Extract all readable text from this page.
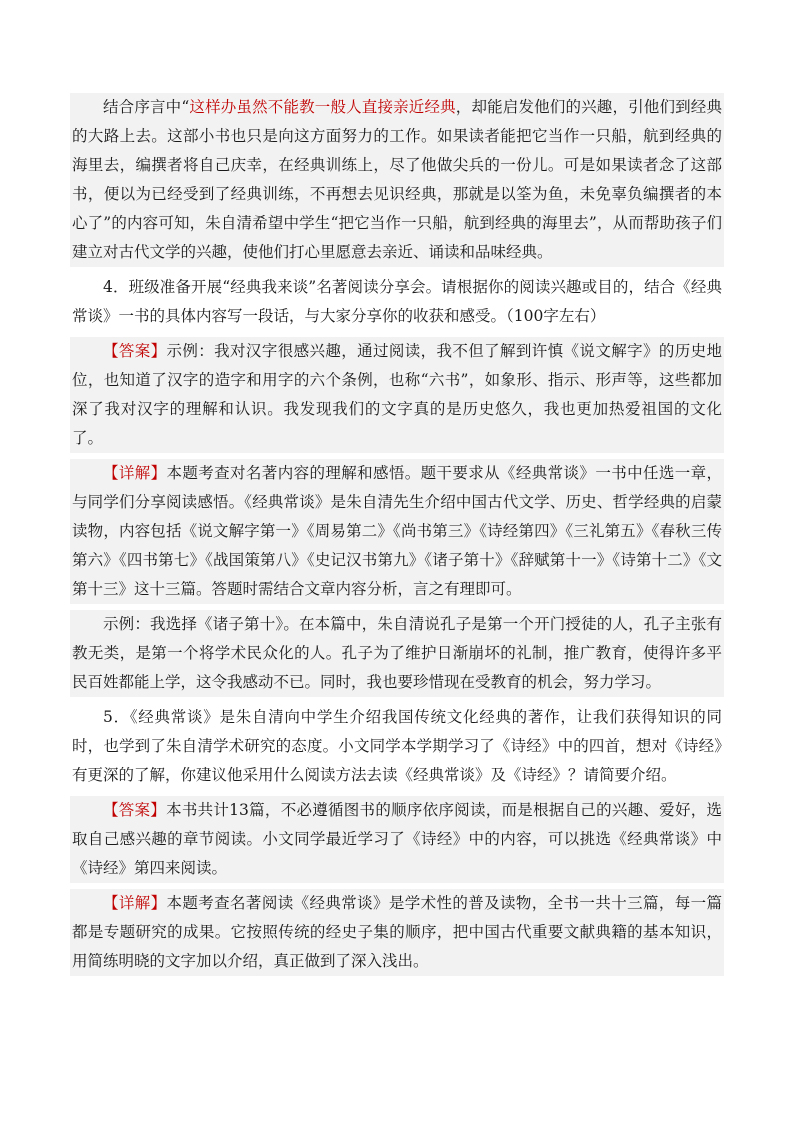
结合序言中“这样办虽然不能教一般人直接亲近经典，却能启发他们的兴趣，引他们到经典的大路上去。这部小书也只是向这方面努力的工作。如果读者能把它当作一只船，航到经典的海里去，编撰者将自己庆幸，在经典训练上，尽了他做尖兵的一份儿。可是如果读者念了这部书，便以为已经受到了经典训练，不再想去见识经典，那就是以筌为鱼，未免辜负编撰者的本心了”的内容可知，朱自清希望中学生“把它当作一只船，航到经典的海里去”，从而帮助孩子们建立对古代文学的兴趣，使他们打心里愿意去亲近、诵读和品味经典。

4．班级准备开展“经典我来谈”名著阅读分享会。请根据你的阅读兴趣或目的，结合《经典常谈》一书的具体内容写一段话，与大家分享你的收获和感受。（100字左右）

【答案】示例：我对汉字很感兴趣，通过阅读，我不但了解到许慎《说文解字》的历史地位，也知道了汉字的造字和用字的六个条例，也称“六书”，如象形、指示、形声等，这些都加深了我对汉字的理解和认识。我发现我们的文字真的是历史悠久，我也更加热爱祖国的文化了。

【详解】本题考查对名著内容的理解和感悟。题干要求从《经典常谈》一书中任选一章，与同学们分享阅读感悟。《经典常谈》是朱自清先生介绍中国古代文学、历史、哲学经典的启蒙读物，内容包括《说文解字第一》《周易第二》《尚书第三》《诗经第四》《三礼第五》《春秋三传第六》《四书第七》《战国策第八》《史记汉书第九》《诸子第十》《辞赋第十一》《诗第十二》《文第十三》这十三篇。答题时需结合文章内容分析，言之有理即可。

示例：我选择《诸子第十》。在本篇中，朱自清说孔子是第一个开门授徒的人，孔子主张有教无类，是第一个将学术民众化的人。孔子为了维护日渐崩坏的礼制，推广教育，使得许多平民百姓都能上学，这令我感动不已。同时，我也要珍惜现在受教育的机会，努力学习。

5．《经典常谈》是朱自清向中学生介绍我国传统文化经典的著作，让我们获得知识的同时，也学到了朱自清学术研究的态度。小文同学本学期学习了《诗经》中的四首，想对《诗经》有更深的了解，你建议他采用什么阅读方法去读《经典常谈》及《诗经》？请简要介绍。

【答案】本书共计13篇，不必遵循图书的顺序依序阅读，而是根据自己的兴趣、爱好，选取自己感兴趣的章节阅读。小文同学最近学习了《诗经》中的内容，可以挑选《经典常谈》中《诗经》第四来阅读。

【详解】本题考查名著阅读《经典常谈》是学术性的普及读物，全书一共十三篇，每一篇都是专题研究的成果。它按照传统的经史子集的顺序，把中国古代重要文献典籍的基本知识，用简练明晓的文字加以介绍，真正做到了深入浅出。
